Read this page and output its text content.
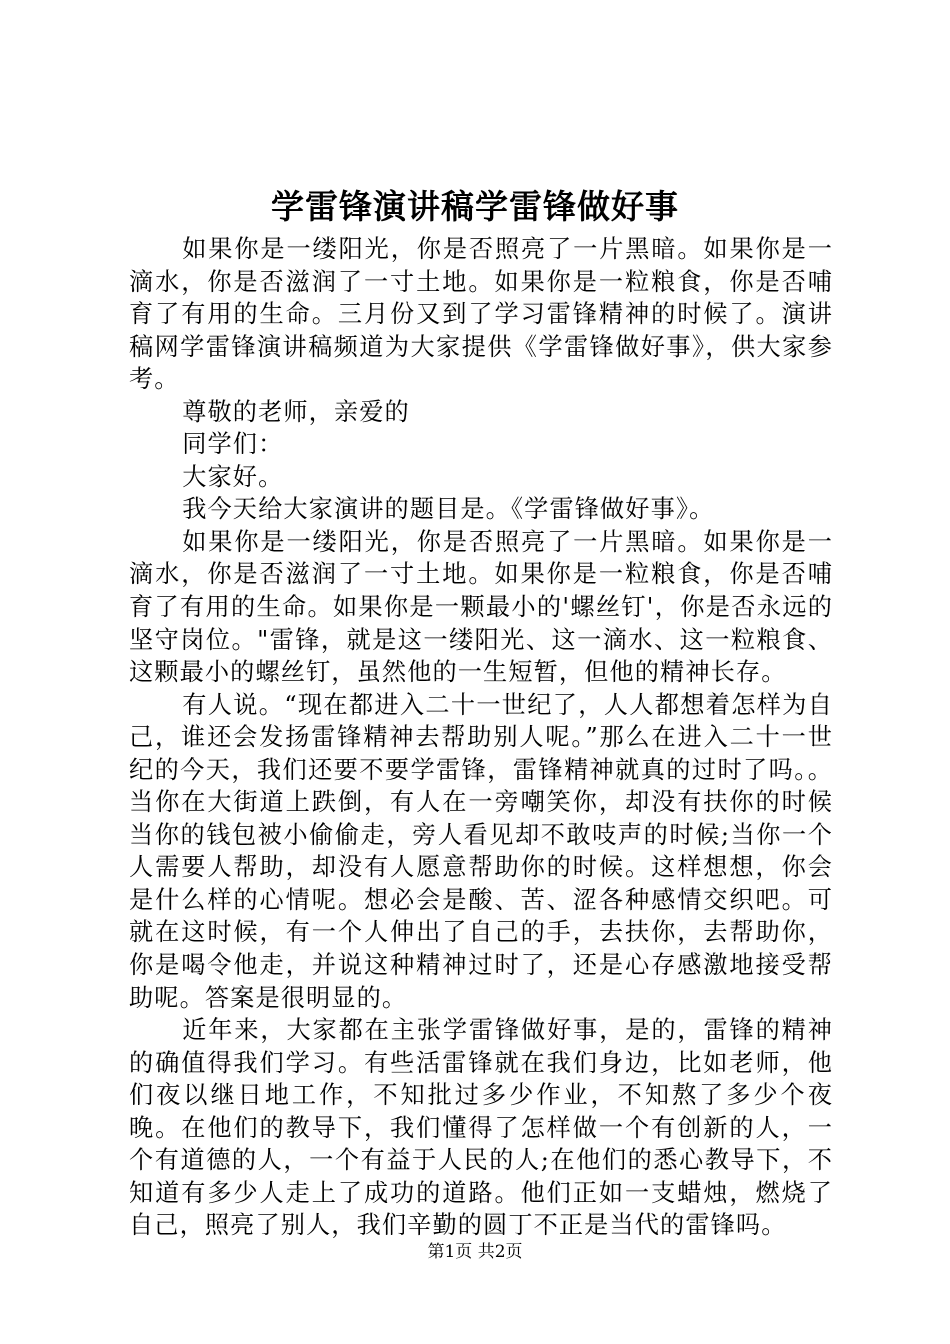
学雷锋演讲稿学雷锋做好事

如果你是一缕阳光，你是否照亮了一片黑暗。如果你是一滴水，你是否滋润了一寸土地。如果你是一粒粮食，你是否哺育了有用的生命。三月份又到了学习雷锋精神的时候了。演讲稿网学雷锋演讲稿频道为大家提供《学雷锋做好事》，供大家参考。

尊敬的老师，亲爱的

同学们：

大家好。

我今天给大家演讲的题目是。《学雷锋做好事》。

如果你是一缕阳光，你是否照亮了一片黑暗。如果你是一滴水，你是否滋润了一寸土地。如果你是一粒粮食，你是否哺育了有用的生命。如果你是一颗最小的'螺丝钉'，你是否永远的坚守岗位。"雷锋，就是这一缕阳光、这一滴水、这一粒粮食、这颗最小的螺丝钉，虽然他的一生短暂，但他的精神长存。

有人说。“现在都进入二十一世纪了，人人都想着怎样为自己，谁还会发扬雷锋精神去帮助别人呢。”那么在进入二十一世纪的今天，我们还要不要学雷锋，雷锋精神就真的过时了吗。。当你在大街道上跌倒，有人在一旁嘲笑你，却没有扶你的时候当你的钱包被小偷偷走，旁人看见却不敢吱声的时候;当你一个人需要人帮助，却没有人愿意帮助你的时候。这样想想，你会是什么样的心情呢。想必会是酸、苦、涩各种感情交织吧。可就在这时候，有一个人伸出了自己的手，去扶你，去帮助你，你是喝令他走，并说这种精神过时了，还是心存感激地接受帮助呢。答案是很明显的。

近年来，大家都在主张学雷锋做好事，是的，雷锋的精神的确值得我们学习。有些活雷锋就在我们身边，比如老师，他们夜以继日地工作，不知批过多少作业，不知熬了多少个夜晚。在他们的教导下，我们懂得了怎样做一个有创新的人，一个有道德的人，一个有益于人民的人;在他们的悉心教导下，不知道有多少人走上了成功的道路。他们正如一支蜡烛，燃烧了自己，照亮了别人，我们辛勤的圆丁不正是当代的雷锋吗。

第1页 共2页
